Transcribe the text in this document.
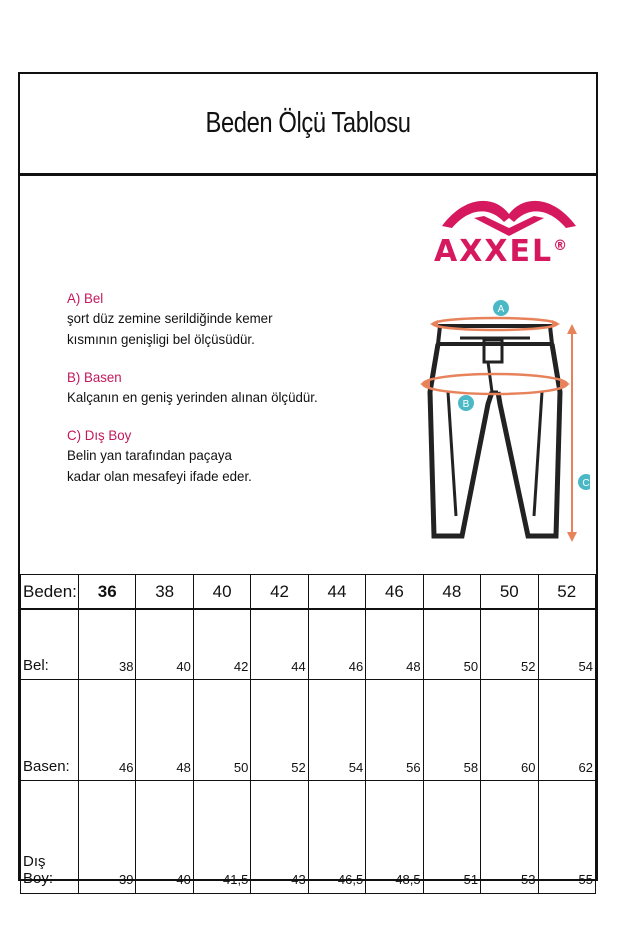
Beden Ölçü Tablosu
AXXEL®
A) Bel
şort düz zemine serildiğinde kemer
kısmının genişligi bel ölçüsüdür.
B) Basen
Kalçanın en geniş yerinden alınan ölçüdür.
C) Dış Boy
Belin yan tarafından paçaya
kadar olan mesafeyi ifade eder.
A
B
C
Beden:	36	38	40	42	44	46	48	50	52
Bel:	38	40	42	44	46	48	50	52	54
Basen:	46	48	50	52	54	56	58	60	62
Dış Boy:	39	40	41,5	43	46,5	48,5	51	53	55
